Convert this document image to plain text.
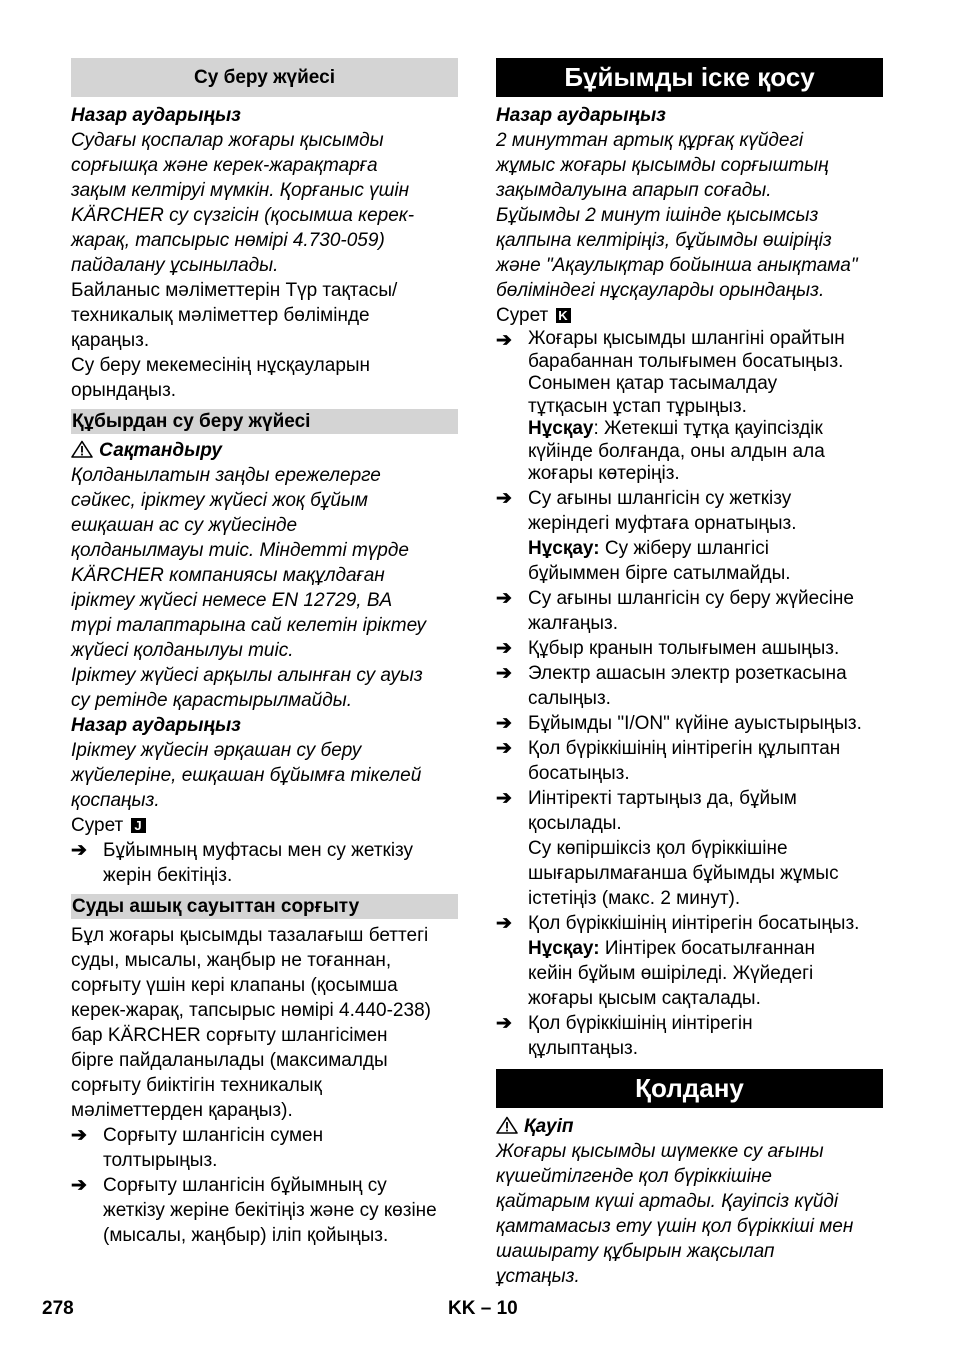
Су беру жүйесі
Назар аударыңыз
Судағы қоспалар жоғары қысымды
сорғышқа және керек-жарақтарға
зақым келтіруі мүмкін. Қорғаныс үшін
KÄRCHER су сүзгісін (қосымша керек-
жарақ, тапсырыс нөмірі 4.730-059)
пайдалану ұсынылады.
Байланыс мәліметтерін Түр тақтасы/
техникалық мәліметтер бөлімінде
қараңыз.
Су беру мекемесінің нұсқауларын
орындаңыз.
Құбырдан су беру жүйесі
Сақтандыру
Қолданылатын заңды ережелерге
сәйкес, іріктеу жүйесі жоқ бұйым
ешқашан ас су жүйесінде
қолданылмауы тиіс. Міндетті түрде
KÄRCHER компаниясы мақұлдаған
іріктеу жүйесі немесе EN 12729, BA
түрі талаптарына сай келетін іріктеу
жүйесі қолданылуы тиіс.
Іріктеу жүйесі арқылы алынған су ауыз
су ретінде қарастырылмайды.
Назар аударыңыз
Іріктеу жүйесін әрқашан су беру
жүйелеріне, ешқашан бұйымға тікелей
қоспаңыз.
Сурет J
➔ Бұйымның муфтасы мен су жеткізу
жерін бекітіңіз.
Суды ашық сауыттан сорғыту
Бұл жоғары қысымды тазалағыш беттегі
суды, мысалы, жаңбыр не тоғаннан,
сорғыту үшін кері клапаны (қосымша
керек-жарақ, тапсырыс нөмірі 4.440-238)
бар KÄRCHER сорғыту шлангісімен
бірге пайдаланылады (максималды
сорғыту биіктігін техникалық
мәліметтерден қараңыз).
➔ Сорғыту шлангісін сумен
толтырыңыз.
➔ Сорғыту шлангісін бұйымның су
жеткізу жеріне бекітіңіз және су көзіне
(мысалы, жаңбыр) іліп қойыңыз.
Бұйымды іске қосу
Назар аударыңыз
2 минуттан артық құрғақ күйдегі
жұмыс жоғары қысымды сорғыштың
зақымдалуына апарып соғады.
Бұйымды 2 минут ішінде қысымсыз
қалпына келтіріңіз, бұйымды өшіріңіз
және "Ақаулықтар бойынша анықтама"
бөліміндегі нұсқауларды орындаңыз.
Сурет K
➔ Жоғары қысымды шлангіні орайтын
барабаннан толығымен босатыңыз.
Сонымен қатар тасымалдау
тұтқасын ұстап тұрыңыз.
Нұсқау: Жетекші тұтқа қауіпсіздік
күйінде болғанда, оны алдын ала
жоғары көтеріңіз.
➔ Су ағыны шлангісін су жеткізу
жеріндегі муфтаға орнатыңыз.
Нұсқау: Су жіберу шлангісі
бұйыммен бірге сатылмайды.
➔ Су ағыны шлангісін су беру жүйесіне
жалғаңыз.
➔ Құбыр кранын толығымен ашыңыз.
➔ Электр ашасын электр розеткасына
салыңыз.
➔ Бұйымды "I/ON" күйіне ауыстырыңыз.
➔ Қол бүріккішінің иінтірегін құлыптан
босатыңыз.
➔ Иінтіректі тартыңыз да, бұйым
қосылады.
Су көпіршіксіз қол бүріккішіне
шығарылмағанша бұйымды жұмыс
істетіңіз (макс. 2 минут).
➔ Қол бүріккішінің иінтірегін босатыңыз.
Нұсқау: Иінтірек босатылғаннан
кейін бұйым өшіріледі. Жүйедегі
жоғары қысым сақталады.
➔ Қол бүріккішінің иінтірегін
құлыптаңыз.
Қолдану
Қауіп
Жоғары қысымды шүмекке су ағыны
күшейтілгенде қол бүріккішіне
қайтарым күші артады. Қауіпсіз күйді
қамтамасыз ету үшін қол бүріккіші мен
шашырату құбырын жақсылап
ұстаңыз.
278	KK – 10
